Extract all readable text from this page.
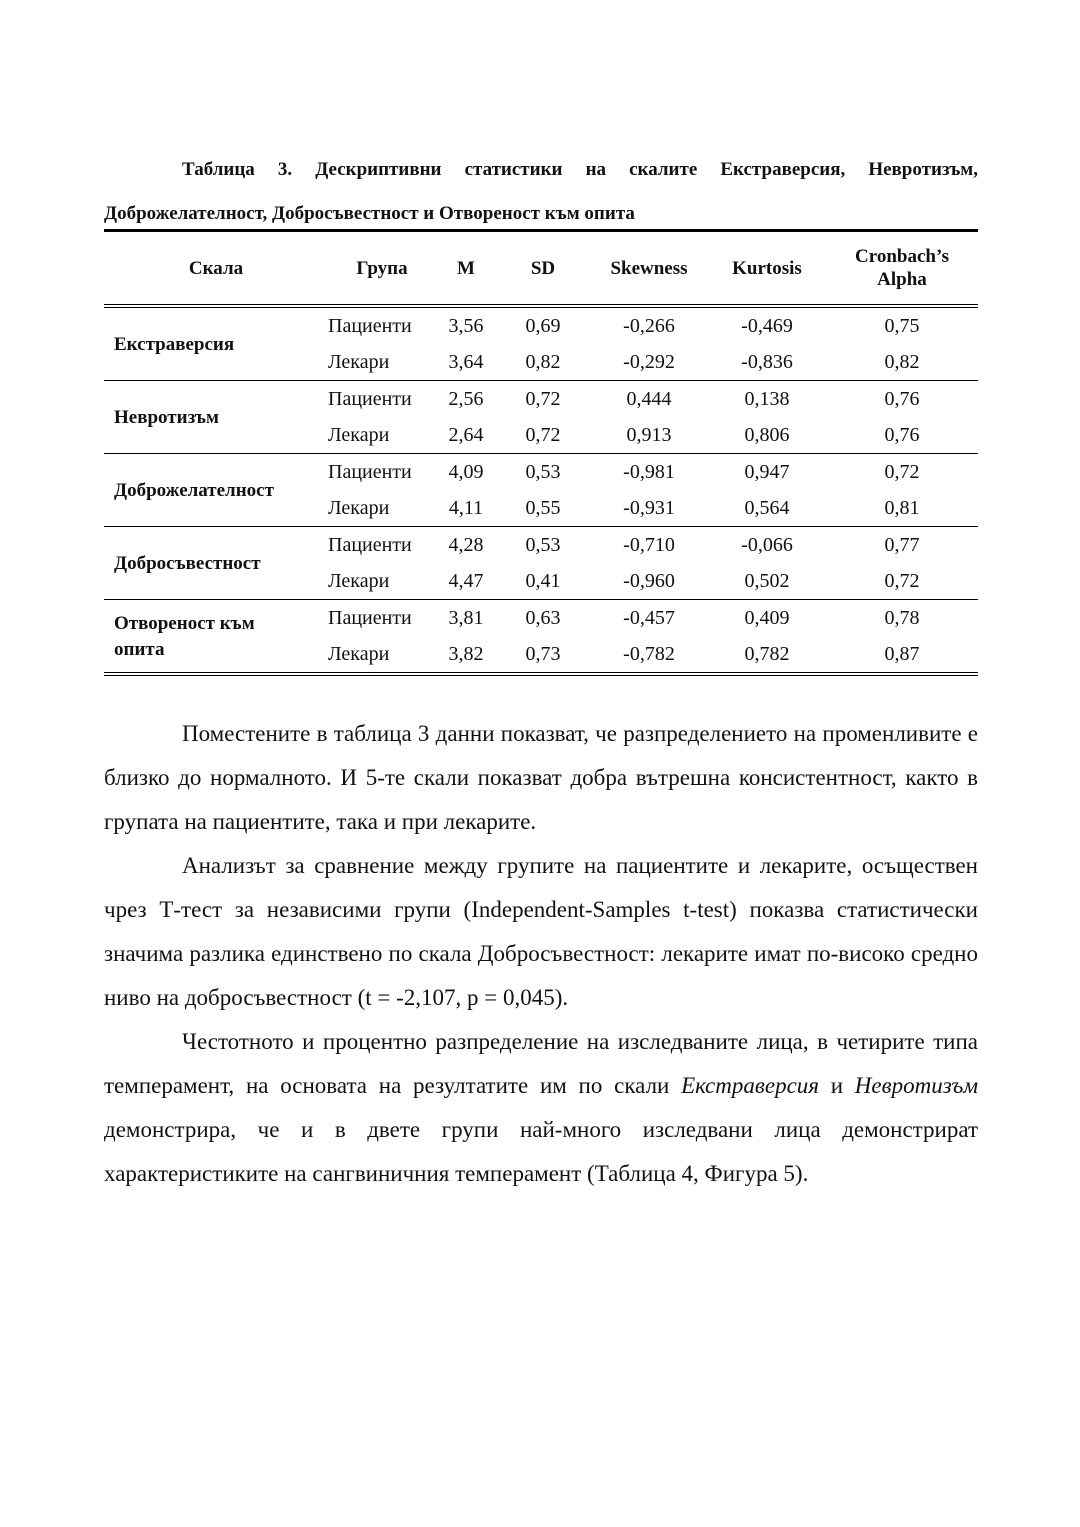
Таблица 3. Дескриптивни статистики на скалите Екстраверсия, Невротизъм, Доброжелателност, Добросъвестност и Отвореност към опита
Скала	Група	M	SD	Skewness	Kurtosis	Cronbach’s Alpha
Екстраверсия	Пациенти	3,56	0,69	-0,266	-0,469	0,75
	Лекари	3,64	0,82	-0,292	-0,836	0,82
Невротизъм	Пациенти	2,56	0,72	0,444	0,138	0,76
	Лекари	2,64	0,72	0,913	0,806	0,76
Доброжелателност	Пациенти	4,09	0,53	-0,981	0,947	0,72
	Лекари	4,11	0,55	-0,931	0,564	0,81
Добросъвестност	Пациенти	4,28	0,53	-0,710	-0,066	0,77
	Лекари	4,47	0,41	-0,960	0,502	0,72
Отвореност към опита	Пациенти	3,81	0,63	-0,457	0,409	0,78
	Лекари	3,82	0,73	-0,782	0,782	0,87

Поместените в таблица 3 данни показват, че разпределението на променливите е близко до нормалното. И 5-те скали показват добра вътрешна консистентност, както в групата на пациентите, така и при лекарите.

Анализът за сравнение между групите на пациентите и лекарите, осъществен чрез Т-тест за независими групи (Independent-Samples t-test) показва статистически значима разлика единствено по скала Добросъвестност: лекарите имат по-високо средно ниво на добросъвестност (t = -2,107, p = 0,045).

Честотното и процентно разпределение на изследваните лица, в четирите типа темперамент, на основата на резултатите им по скали Екстраверсия и Невротизъм демонстрира, че и в двете групи най-много изследвани лица демонстрират характеристиките на сангвиничния темперамент (Таблица 4, Фигура 5).
